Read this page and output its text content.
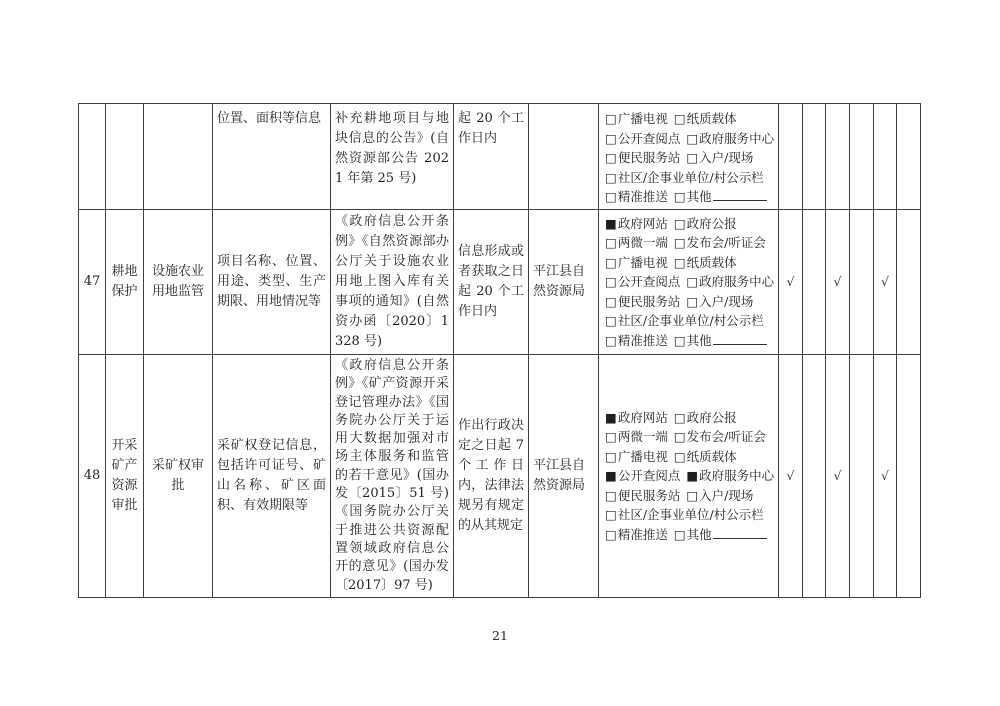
			位置、面积等信息	补充耕地项目与地块信息的公告》(自然资源部公告 2021 年第 25 号)	起 20 个工作日内		□广播电视 □纸质载体
□公开查阅点 □政府服务中心
□便民服务站 □入户/现场
□社区/企事业单位/村公示栏
□精准推送 □其他						

47	耕地保护	设施农业用地监管	项目名称、位置、用途、类型、生产期限、用地情况等	《政府信息公开条例》《自然资源部办公厅关于设施农业用地上图入库有关事项的通知》(自然资办函〔2020〕1328 号)	信息形成或者获取之日起 20 个工作日内	平江县自然资源局	
■政府网站 □政府公报
□两微一端 □发布会/听证会
□广播电视 □纸质载体
□公开查阅点 □政府服务中心
□便民服务站 □入户/现场
□社区/企事业单位/村公示栏
□精准推送 □其他
	√		√		√	
48	开采矿产资源审批	采矿权审批	采矿权登记信息，包括许可证号、矿山名称、矿区面积、有效期限等	《政府信息公开条例》《矿产资源开采登记管理办法》《国务院办公厅关于运用大数据加强对市场主体服务和监管的若干意见》(国办发〔2015〕51 号)《国务院办公厅关于推进公共资源配置领域政府信息公开的意见》(国办发〔2017〕97 号)	作出行政决定之日起 7 个工作日内，法律法规另有规定的从其规定	平江县自然资源局	
■政府网站 □政府公报
□两微一端 □发布会/听证会
□广播电视 □纸质载体
■公开查阅点 ■政府服务中心
□便民服务站 □入户/现场
□社区/企事业单位/村公示栏
□精准推送 □其他
	√		√		√	
21
